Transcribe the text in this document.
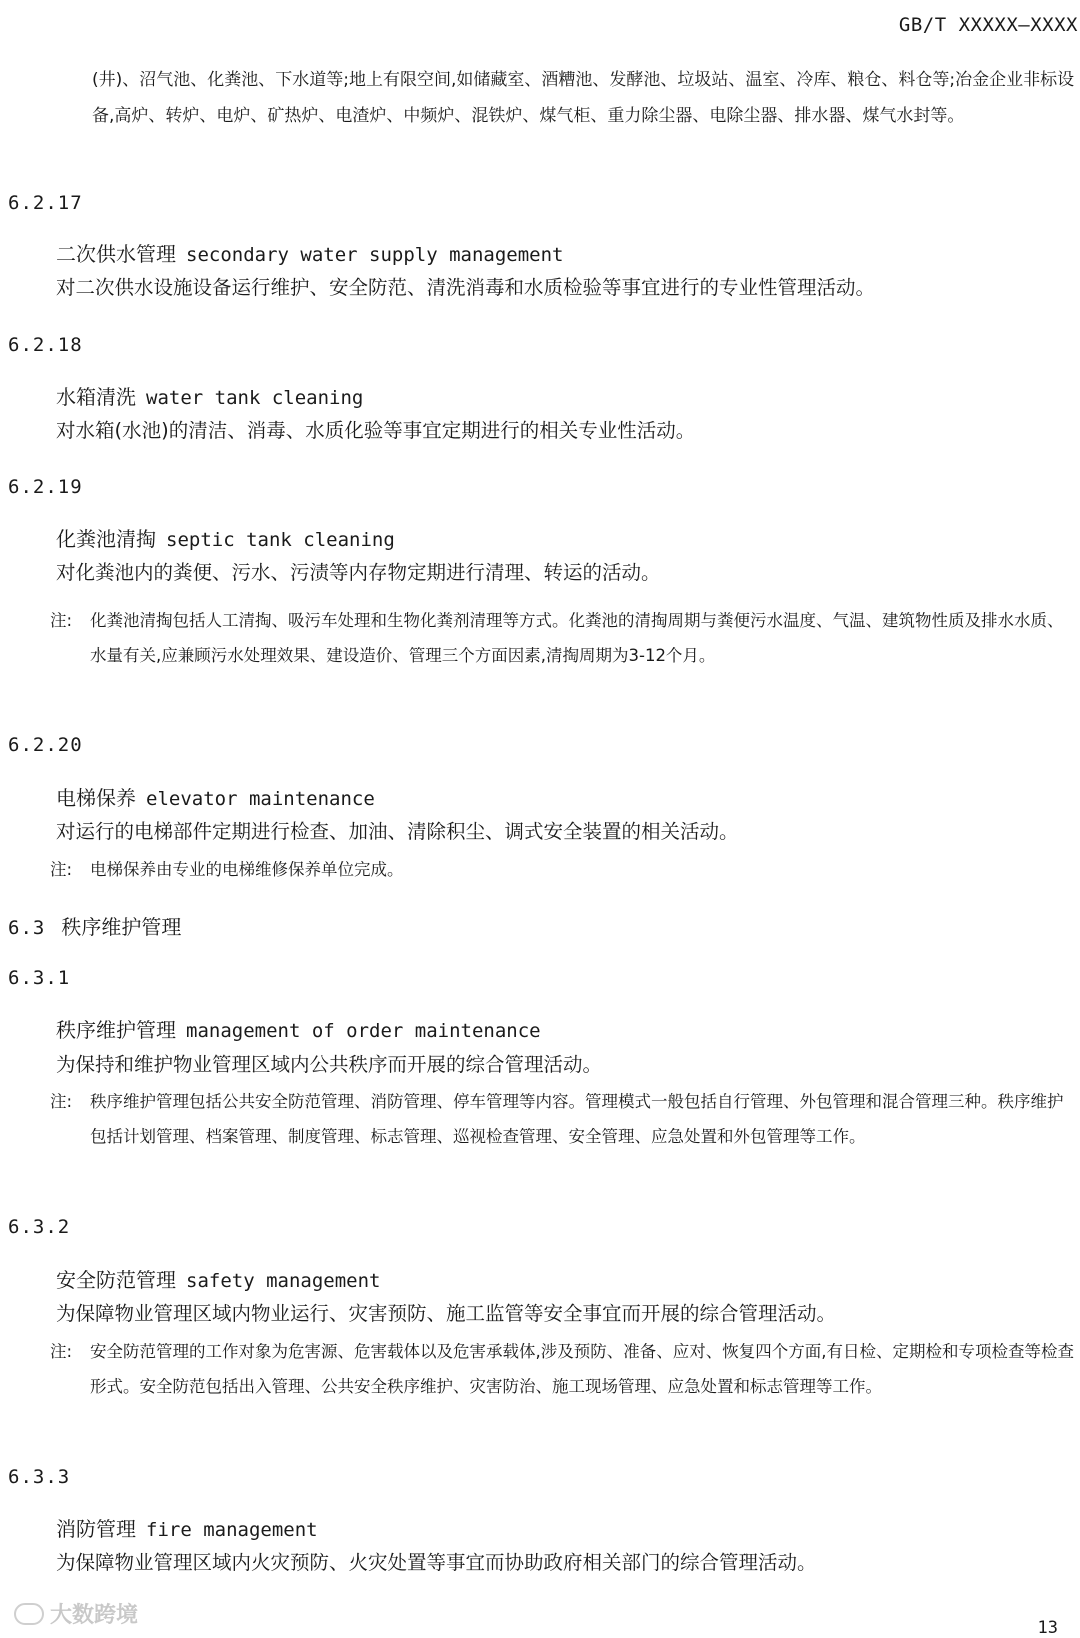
GB/T XXXXX—XXXX
(井)、沼气池、化粪池、下水道等;地上有限空间,如储藏室、酒糟池、发酵池、垃圾站、温室、冷库、粮仓、料仓等;冶金企业非标设备,高炉、转炉、电炉、矿热炉、电渣炉、中频炉、混铁炉、煤气柜、重力除尘器、电除尘器、排水器、煤气水封等。
6.2.17
二次供水管理 secondary water supply management
对二次供水设施设备运行维护、安全防范、清洗消毒和水质检验等事宜进行的专业性管理活动。
6.2.18
水箱清洗 water tank cleaning
对水箱(水池)的清洁、消毒、水质化验等事宜定期进行的相关专业性活动。
6.2.19
化粪池清掏 septic tank cleaning
对化粪池内的粪便、污水、污渍等内存物定期进行清理、转运的活动。
注: 化粪池清掏包括人工清掏、吸污车处理和生物化粪剂清理等方式。化粪池的清掏周期与粪便污水温度、气温、建筑物性质及排水水质、水量有关,应兼顾污水处理效果、建设造价、管理三个方面因素,清掏周期为3-12个月。
6.2.20
电梯保养 elevator maintenance
对运行的电梯部件定期进行检查、加油、清除积尘、调式安全装置的相关活动。
注: 电梯保养由专业的电梯维修保养单位完成。
6.3 秩序维护管理
6.3.1
秩序维护管理 management of order maintenance
为保持和维护物业管理区域内公共秩序而开展的综合管理活动。
注: 秩序维护管理包括公共安全防范管理、消防管理、停车管理等内容。管理模式一般包括自行管理、外包管理和混合管理三种。秩序维护包括计划管理、档案管理、制度管理、标志管理、巡视检查管理、安全管理、应急处置和外包管理等工作。
6.3.2
安全防范管理 safety management
为保障物业管理区域内物业运行、灾害预防、施工监管等安全事宜而开展的综合管理活动。
注: 安全防范管理的工作对象为危害源、危害载体以及危害承载体,涉及预防、准备、应对、恢复四个方面,有日检、定期检和专项检查等检查形式。安全防范包括出入管理、公共安全秩序维护、灾害防治、施工现场管理、应急处置和标志管理等工作。
6.3.3
消防管理 fire management
为保障物业管理区域内火灾预防、火灾处置等事宜而协助政府相关部门的综合管理活动。
大数跨境	13
